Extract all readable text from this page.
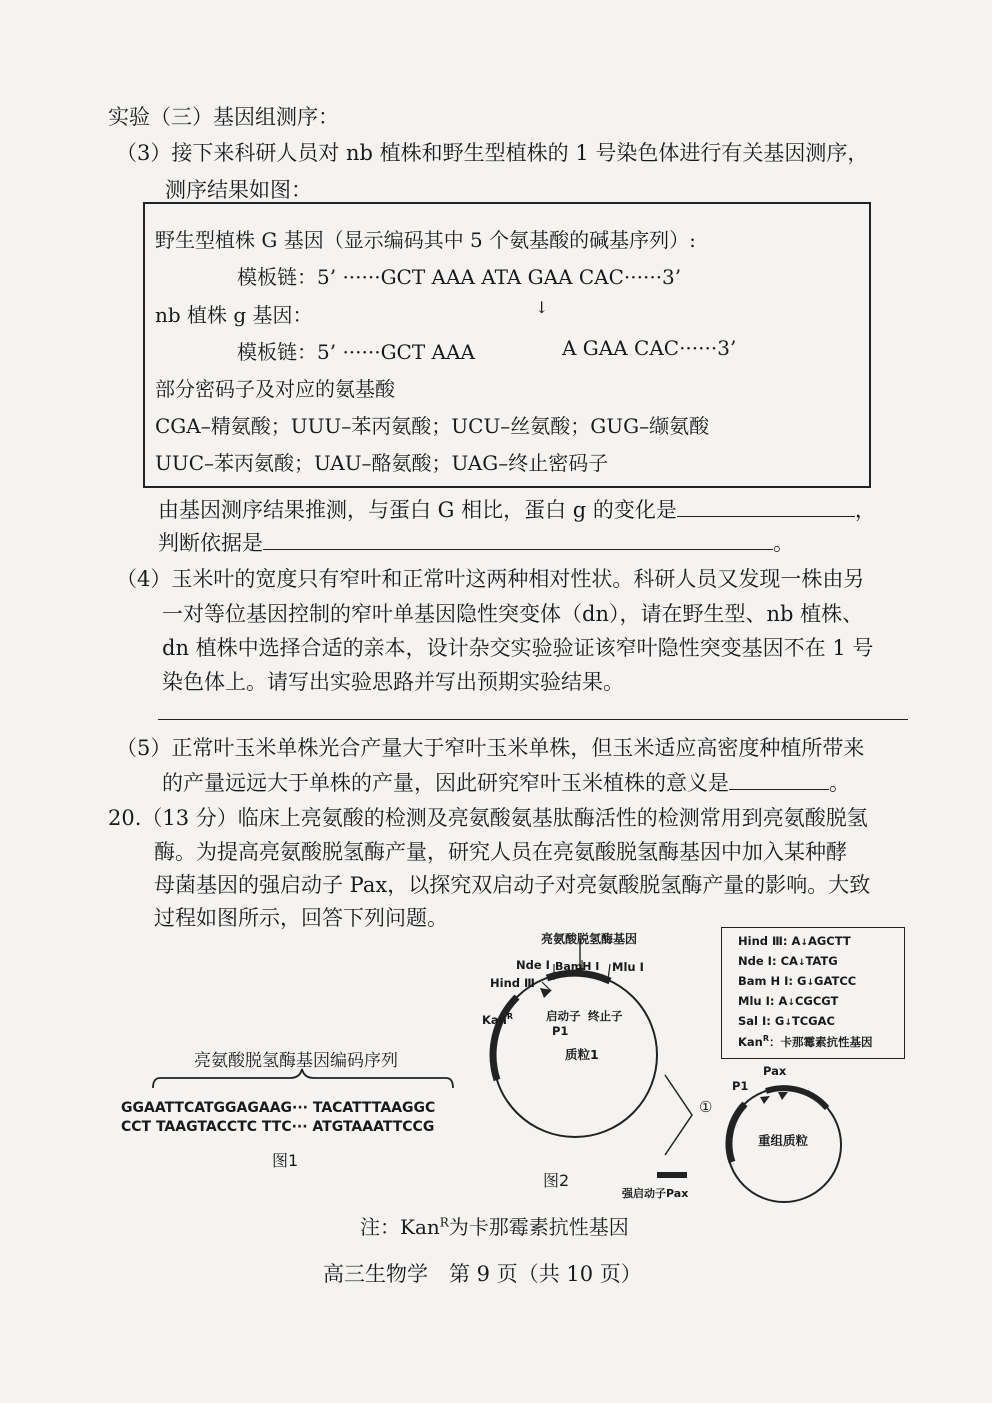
实验（三）基因组测序：
（3）接下来科研人员对 nb 植株和野生型植株的 1 号染色体进行有关基因测序，
测序结果如图：
野生型植株 G 基因（显示编码其中 5 个氨基酸的碱基序列）:
模板链：5’ ······GCT AAA ATA GAA CAC······3’
↓
nb 植株 g 基因：
模板链：5’ ······GCT AAA	A GAA CAC······3’
部分密码子及对应的氨基酸
CGA–精氨酸；UUU–苯丙氨酸；UCU–丝氨酸；GUG–缬氨酸
UUC–苯丙氨酸；UAU–酪氨酸；UAG–终止密码子
由基因测序结果推测，与蛋白 G 相比，蛋白 g 的变化是	，
判断依据是	。
（4）玉米叶的宽度只有窄叶和正常叶这两种相对性状。科研人员又发现一株由另
一对等位基因控制的窄叶单基因隐性突变体（dn），请在野生型、nb 植株、
dn 植株中选择合适的亲本，设计杂交实验验证该窄叶隐性突变基因不在 1 号
染色体上。请写出实验思路并写出预期实验结果。
（5）正常叶玉米单株光合产量大于窄叶玉米单株，但玉米适应高密度种植所带来
的产量远远大于单株的产量，因此研究窄叶玉米植株的意义是	。
20.（13 分）临床上亮氨酸的检测及亮氨酸氨基肽酶活性的检测常用到亮氨酸脱氢
酶。为提高亮氨酸脱氢酶产量，研究人员在亮氨酸脱氢酶基因中加入某种酵
母菌基因的强启动子 Pax，以探究双启动子对亮氨酸脱氢酶产量的影响。大致
过程如图所示，回答下列问题。
亮氨酸脱氢酶基因编码序列
GGAATTCATGGAGAAG··· TACATTTAAGGC
CCT TAAGTACCTC TTC··· ATGTAAATTCCG
图1
亮氨酸脱氢酶基因
Nde I BamH I Mlu I
Hind Ⅲ
Kan$^R$	启动子
P1
终止子
质粒1
①
P1
Pax
重组质粒
强启动子Pax
图2
Hind Ⅲ: A↓AGCTT
Nde I: CA↓TATG
Bam H I: G↓GATCC
Mlu I: A↓CGCGT
Sal I: G↓TCGAC
Kan$^R$：卡那霉素抗性基因
注：Kan$^R$为卡那霉素抗性基因
高三生物学　第 9 页（共 10 页）
